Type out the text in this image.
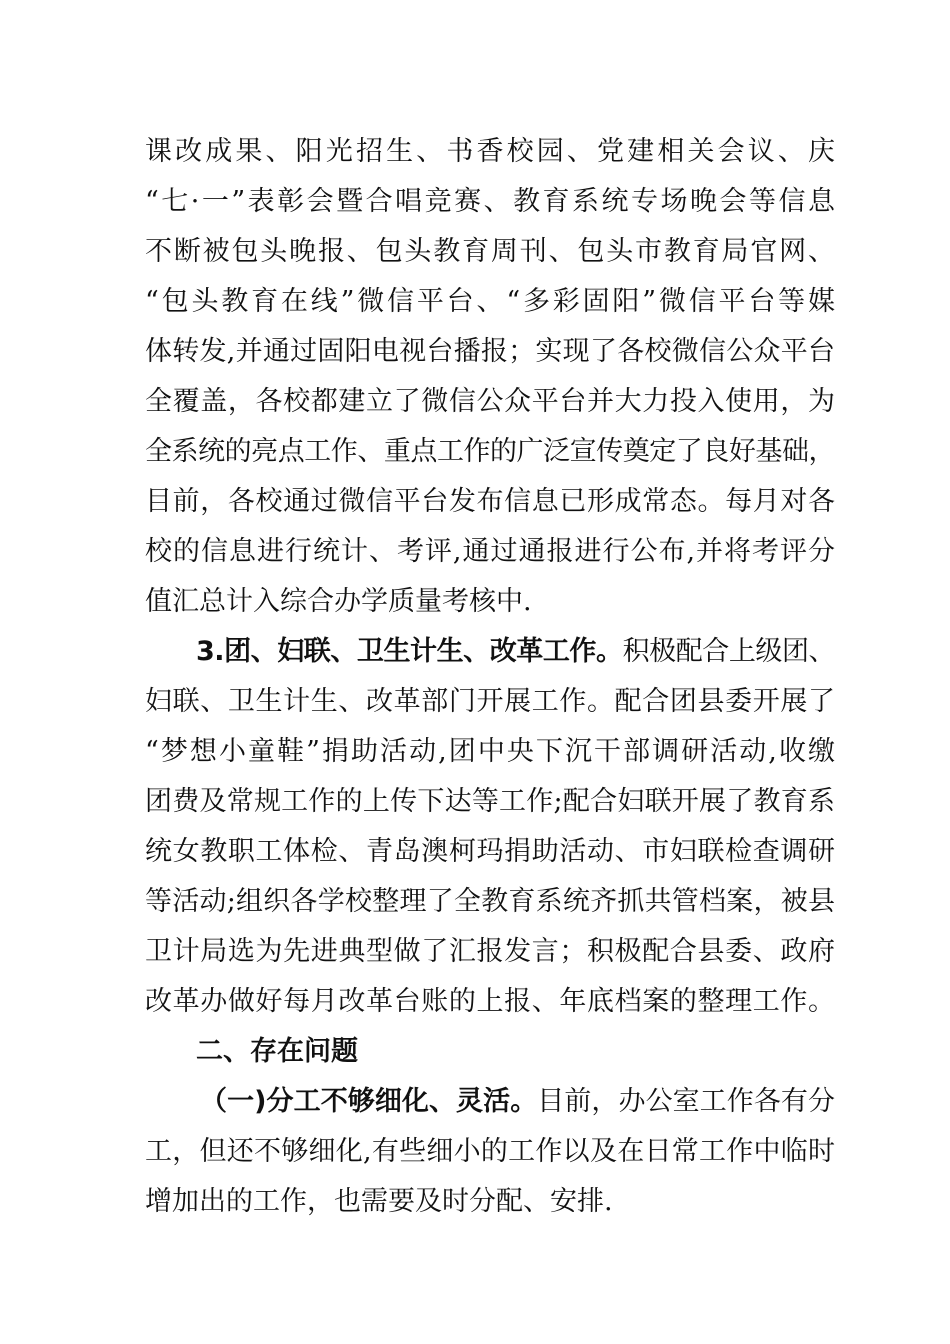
课改成果、阳光招生、书香校园、党建相关会议、庆
“七·一”表彰会暨合唱竞赛、教育系统专场晚会等信息
不断被包头晚报、包头教育周刊、包头市教育局官网、
“包头教育在线”微信平台、“多彩固阳”微信平台等媒
体转发,并通过固阳电视台播报；实现了各校微信公众平台
全覆盖，各校都建立了微信公众平台并大力投入使用，为
全系统的亮点工作、重点工作的广泛宣传奠定了良好基础，
目前，各校通过微信平台发布信息已形成常态。每月对各
校的信息进行统计、考评,通过通报进行公布,并将考评分
值汇总计入综合办学质量考核中.
3.团、妇联、卫生计生、改革工作。积极配合上级团、
妇联、卫生计生、改革部门开展工作。配合团县委开展了
“梦想小童鞋”捐助活动,团中央下沉干部调研活动,收缴
团费及常规工作的上传下达等工作;配合妇联开展了教育系
统女教职工体检、青岛澳柯玛捐助活动、市妇联检查调研
等活动;组织各学校整理了全教育系统齐抓共管档案，被县
卫计局选为先进典型做了汇报发言；积极配合县委、政府
改革办做好每月改革台账的上报、年底档案的整理工作。
二、存在问题
（一)分工不够细化、灵活。目前，办公室工作各有分
工，但还不够细化,有些细小的工作以及在日常工作中临时
增加出的工作，也需要及时分配、安排.
